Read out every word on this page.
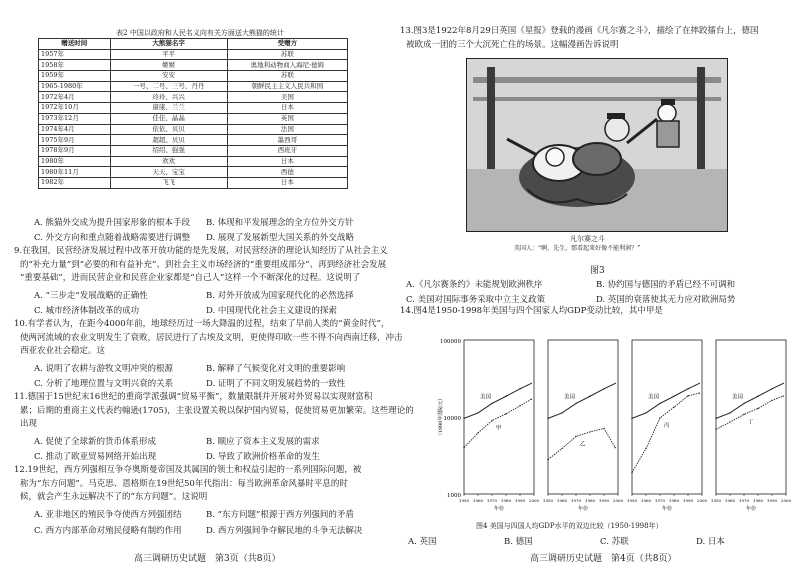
表2 中国以政府和人民名义向有关方面送大熊猫的统计
赠送时间	大熊猫名字	受赠方
1957年	平平	苏联
1958年	姬姬	奥地利动物商人海尼·德姆
1959年	安安	苏联
1965-1980年	一号、二号、三号、丹丹	朝鲜民主主义人民共和国
1972年4月	玲玲、兴兴	美国
1972年10月	康康、兰兰	日本
1973年12月	佳佳、晶晶	英国
1974年4月	依依、贝贝	法国
1975年9月	超超、贝贝	墨西哥
1978年9月	绍绍、强强	西班牙
1980年	欢欢	日本
1980年11月	天天、宝宝	西德
1982年	飞飞	日本
A. 熊猫外交成为提升国家形象的根本手段 B. 体现和平发展理念的全方位外交方针
C. 外交方向和重点随着战略需要进行调整 D. 展现了发展新型大国关系的外交战略
9.在我国，民营经济发展过程中改革开放功能的是先发展，对民营经济的理论认知经历了从社会主义
的“补充力量”到“必要的和有益补充”、到社会主义市场经济的“重要组成部分”、再到经济社会发展
“重要基础”，进而民营企业和民营企业家都是“自己人”这样一个不断深化的过程。这说明了
A. “三步走”发展战略的正确性	B. 对外开放成为国家现代化的必然选择
C. 城市经济体制改革的成功	D. 中国现代化社会主义建设的探索
10.有学者认为，在距今4000年前，地球经历过一场大降温的过程，结束了早前人类的“黄金时代”，
使两河流域的农业文明发生了衰败，居民进行了古埃及文明，更使得印欧一些不得不向西南迁移，冲击
西亚农业社会稳定。这
A. 说明了农耕与游牧文明冲突的根源	B. 解释了气候变化对文明的重要影响
C. 分析了地理位置与文明兴衰的关系	D. 证明了不同文明发展趋势的一致性
11.德国于15世纪末16世纪的重商学派强调“贸易平衡”，数量限制并开展对外贸易以实现财富积
累；后期的重商主义代表约翰逊(1705)，主张设置关税以保护国内贸易，促使贸易更加繁荣。这些理论的
出现
A. 促使了全球新的货币体系形成	B. 顺应了资本主义发展的需求
C. 推动了欧亚贸易网络开始出现	D. 导致了欧洲价格革命的发生
12.19世纪，西方列强相互争夺奥斯曼帝国及其属国的领土和权益引起的一系列国际问题，被
称为“东方问题”。马克思、恩格斯在19世纪50年代指出：每当欧洲革命风暴时平息的时
候，就会产生永远解决不了的“东方问题”。这说明
A. 亚非地区的殖民争夺使西方列强团结	B. “东方问题”根源于西方列强间的矛盾
C. 西方内部革命对殖民侵略有制约作用	D. 西方列强间争夺解民地的斗争无法解决
高三调研历史试题　第3页（共8页）
13.图3是1922年8月29日英国《星报》登载的漫画《凡尔赛之斗》，描绘了在摔跤擂台上，德国
被欧成一团的三个大沉死亡住的场景。这幅漫画告诉说明
凡尔赛之斗
英国人：“啊，先生，那看起来好像不能利润？”
图3
A.《凡尔赛条约》未能规划欧洲秩序	B. 协约国与德国的矛盾已经不可调和
C. 美国对国际事务采取中立主义政策	D. 英国的衰落使其无力应对欧洲局势
14.图4是1950-1998年美国与四个国家人均GDP变动比较，其中甲是
100000
10000
1000
（1990年国际元）
1950 1960 1970 1980 1990 2000
年份
美国
甲
1950 1960 1970 1980 1990 2000
年份
美国
乙
1950 1960 1970 1980 1990 2000
年份
美国
丙
1950 1960 1970 1980 1990 2000
年份
美国
丁
图4 美国与四国人均GDP水平的双边比较（1950-1998年）
A. 英国	B. 德国	C. 苏联	D. 日本
高三调研历史试题　第4页（共8页）
